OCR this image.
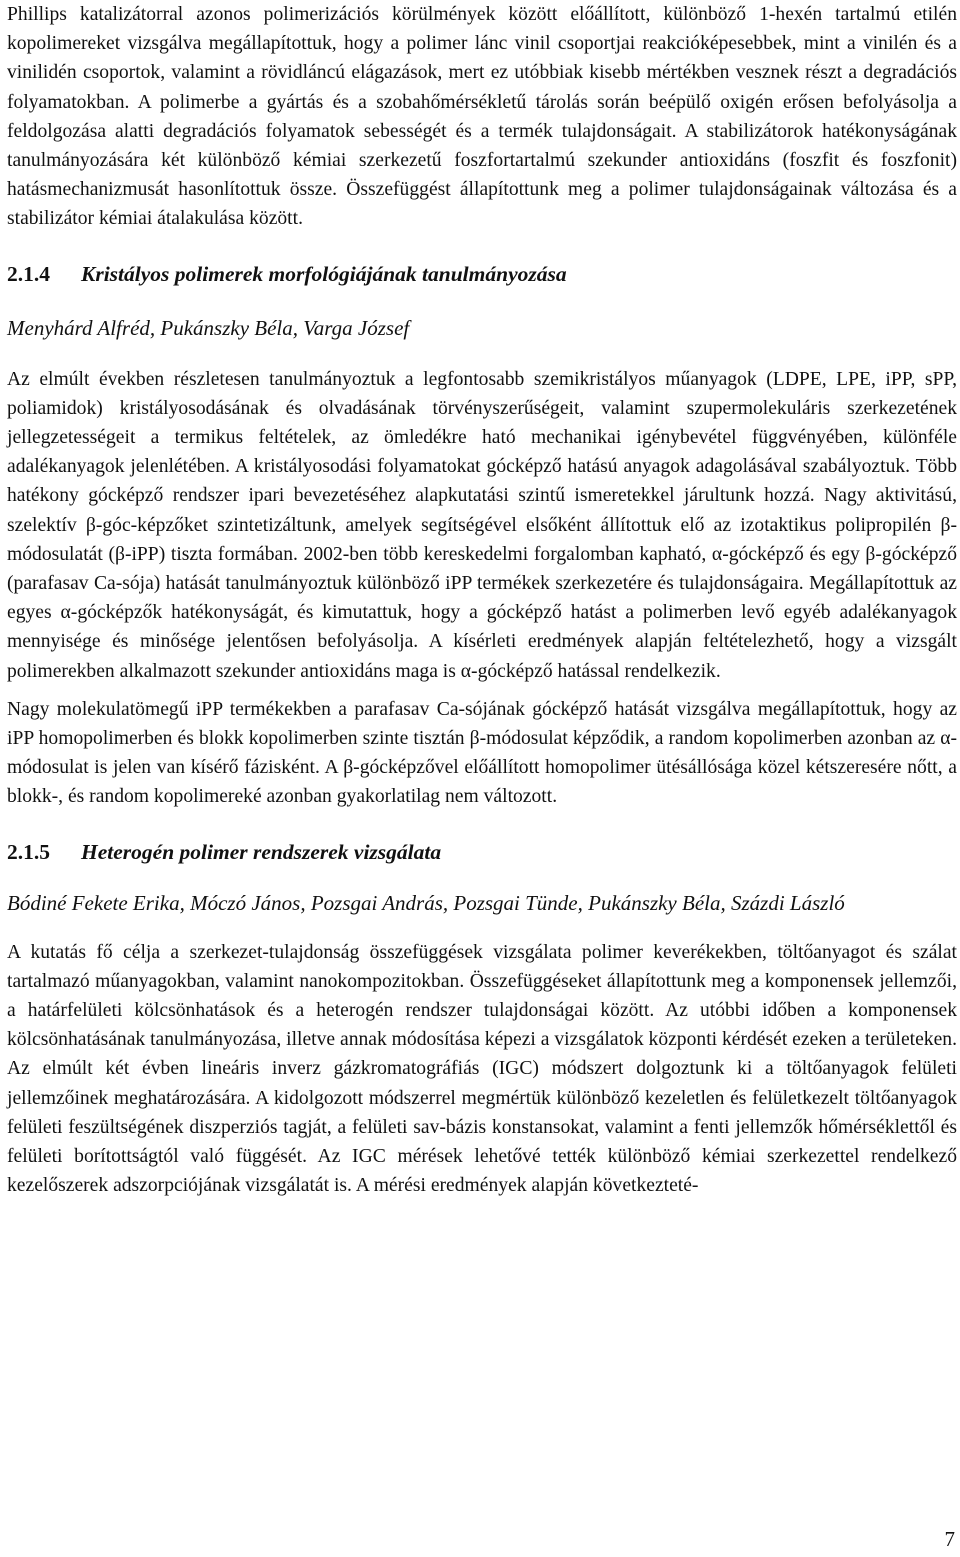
Phillips katalizátorral azonos polimerizációs körülmények között előállított, különböző 1-hexén tartalmú etilén kopolimereket vizsgálva megállapítottuk, hogy a polimer lánc vinil csoportjai reakcióképesebbek, mint a vinilén és a vinilidén csoportok, valamint a rövidláncú elágazások, mert ez utóbbiak kisebb mértékben vesznek részt a degradációs folyamatokban. A polimerbe a gyártás és a szobahőmérsékletű tárolás során beépülő oxigén erősen befolyásolja a feldolgozása alatti degradációs folyamatok sebességét és a termék tulajdonságait. A stabilizátorok hatékonyságának tanulmányozására két különböző kémiai szerkezetű foszfortartalmú szekunder antioxidáns (foszfit és foszfonit) hatásmechanizmusát hasonlítottuk össze. Összefüggést állapítottunk meg a polimer tulajdonságainak változása és a stabilizátor kémiai átalakulása között.

2.1.4 Kristályos polimerek morfológiájának tanulmányozása

Menyhárd Alfréd, Pukánszky Béla, Varga József

Az elmúlt években részletesen tanulmányoztuk a legfontosabb szemikristályos műanyagok (LDPE, LPE, iPP, sPP, poliamidok) kristályosodásának és olvadásának törvényszerűségeit, valamint szupermolekuláris szerkezetének jellegzetességeit a termikus feltételek, az ömledékre ható mechanikai igénybevétel függvényében, különféle adalékanyagok jelenlétében. A kristályosodási folyamatokat gócképző hatású anyagok adagolásával szabályoztuk. Több hatékony gócképző rendszer ipari bevezetéséhez alapkutatási szintű ismeretekkel járultunk hozzá. Nagy aktivitású, szelektív β-góc-képzőket szintetizáltunk, amelyek segítségével elsőként állítottuk elő az izotaktikus polipropilén β-módosulatát (β-iPP) tiszta formában. 2002-ben több kereskedelmi forgalomban kapható, α-gócképző és egy β-gócképző (parafasav Ca-sója) hatását tanulmányoztuk különböző iPP termékek szerkezetére és tulajdonságaira. Megállapítottuk az egyes α-gócképzők hatékonyságát, és kimutattuk, hogy a gócképző hatást a polimerben levő egyéb adalékanyagok mennyisége és minősége jelentősen befolyásolja. A kísérleti eredmények alapján feltételezhető, hogy a vizsgált polimerekben alkalmazott szekunder antioxidáns maga is α-gócképző hatással rendelkezik.

Nagy molekulatömegű iPP termékekben a parafasav Ca-sójának gócképző hatását vizsgálva megállapítottuk, hogy az iPP homopolimerben és blokk kopolimerben szinte tisztán β-módosulat képződik, a random kopolimerben azonban az α-módosulat is jelen van kísérő fázisként. A β-gócképzővel előállított homopolimer ütésállósága közel kétszeresére nőtt, a blokk-, és random kopolimereké azonban gyakorlatilag nem változott.

2.1.5 Heterogén polimer rendszerek vizsgálata

Bódiné Fekete Erika, Móczó János, Pozsgai András, Pozsgai Tünde, Pukánszky Béla, Százdi László

A kutatás fő célja a szerkezet-tulajdonság összefüggések vizsgálata polimer keverékekben, töltőanyagot és szálat tartalmazó műanyagokban, valamint nanokompozitokban. Összefüggéseket állapítottunk meg a komponensek jellemzői, a határfelületi kölcsönhatások és a heterogén rendszer tulajdonságai között. Az utóbbi időben a komponensek kölcsönhatásának tanulmányozása, illetve annak módosítása képezi a vizsgálatok központi kérdését ezeken a területeken. Az elmúlt két évben lineáris inverz gázkromatográfiás (IGC) módszert dolgoztunk ki a töltőanyagok felületi jellemzőinek meghatározására. A kidolgozott módszerrel megmértük különböző kezeletlen és felületkezelt töltőanyagok felületi feszültségének diszperziós tagját, a felületi sav-bázis konstansokat, valamint a fenti jellemzők hőmérséklettől és felületi borítottságtól való függését. Az IGC mérések lehetővé tették különböző kémiai szerkezettel rendelkező kezelőszerek adszorpciójának vizsgálatát is. A mérési eredmények alapján következteté-

7
